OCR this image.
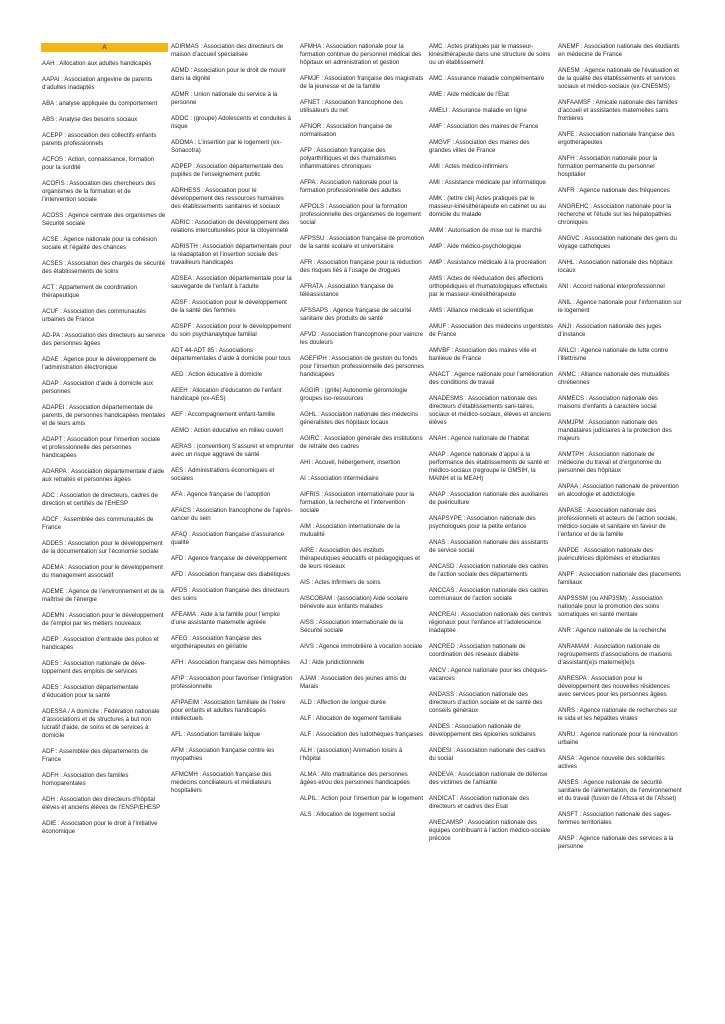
A
AAH : Allocation aux adultes handicapés
AAPAI : Association angevine de parents d’adultes inadaptés
ABA : analyse appliquée du comportement
ABS : Analyse des besoins sociaux
ACEPP : association des collectifs enfants parents professionnels
ACFOS : Action, connaissance, formation pour la surdité
ACOFIS : Association des chercheurs des organismes de la formation et de l’intervention sociale
ACOSS : Agence centrale des organismes de Sécurité sociale
ACSE : Agence nationale pour la cohésion sociale et l’égalité des chances
ACSES : Association des chargés de sécurité des établissements de soins
ACT : Appartement de coordination thérapeutique
ACUF : Association des communautés urbaines de France
AD-PA : Association des directeurs au service des personnes âgées
ADAE : Agence pour le développement de l’administration électronique
ADAP : Association d’aide à domicile aux personnes
ADAPEI : Association départementale de parents, de personnes handicapées mentales et de leurs amis
ADAPT : Association pour l’insertion sociale et professionnelle des personnes handicapées
ADARPA : Association départementale d’aide aux retraités et personnes âgées
ADC : Association de directeurs, cadres de direction et certifiés de l’EHESP
ADCF : Assemblée des communautés de France
ADDES : Association pour le développement de la documentation sur l’économie sociale
ADEMA : Association pour le développement du management associatif
ADEME : Agence de l’environnement et de la maîtrise de l’énergie
ADEMN : Association pour le développement de l’emploi par les métiers nouveaux
ADEP : Association d’entraide des polios et handicapés
ADES : Association nationale de déve-loppement des emplois de services
ADES : Association départementale d’éducation pour la santé
ADESSA / A domicile : Fédération nationale d’associations et de structures à but non lucratif d’aide, de soins et de services à domicile
ADF : Assemblée des départements de France
ADFH : Association des familles homoparentales
ADH : Association des directeurs d’hôpital élèves et anciens élèves de l’ENSP/EHESP
ADIE : Association pour le droit à l’initiative économique
ADIRMAS : Association des directeurs de maison d’accueil spécialisée
ADMD : Association pour le droit de mourir dans la dignité
ADMR : Union nationale du service à la personne
ADOC : (groupe) Adolescents et conduites à risque
ADOMA : L’insertion par le logement (ex-Sonacotra)
ADPEP : Association départementale des pupilles de l’enseignement public
ADRHESS : Association pour le développement des ressources humaines des établissements sanitaires et sociaux
ADRIC : Association de développement des relations interculturelles pour la citoyenneté
ADRISTH : Association départementale pour la réadaptation et l’insertion sociale des travailleurs handicapés
ADSEA : Association départementale pour la sauvegarde de l’enfant à l’adulte
ADSF : Association pour le développement de la santé des femmes
ADSPF : Association pour le développement du soin psychanalytique familial
ADT 44-ADT 85 : Associations départementales d’aide à domicile pour tous
AED : Action éducative à domicile
AEEH : Allocation d’éducation de l’enfant handicapé (ex-AES)
AEF : Accompagnement enfant-famille
AEMO : Action éducative en milieu ouvert
AERAS : (convention) S’assurer et emprunter avec un risque aggravé de santé
AES : Administrations économiques et sociales
AFA : Agence française de l’adoption
AFACS : Association francophone de l’après-cancer du sein
AFAQ : Association française d’assurance qualité
AFD : Agence française de développement
AFD : Association française des diabétiques
AFDS : Association française des directeurs des soins
AFEAMA : Aide à la famille pour l’emploi d’une assistante maternelle agréée
AFEG : Association française des ergothérapeutes en gériatrie
AFH : Association française des hémophiles
AFIP : Association pour favoriser l’intégration professionnelle
AFIPAEIM : Association familiale de l’Isère pour enfants et adultes handicapés intellectuels
AFL : Association familiale laïque
AFM : Association française contre les myopathies
AFMCMH : Association française des médecins conciliateurs et médiateurs hospitaliers
AFMHA : Association nationale pour la formation continue du personnel médical des hôpitaux en administration et gestion
AFMJF : Association française des magistrats de la jeunesse et de la famille
AFNET : Association francophone des utilisateurs du net
AFNOR : Association française de normalisation
AFP : Association française des polyarthritiques et des rhumatismes inflammatoires chroniques
AFPA : Association nationale pour la formation professionnelle des adultes
AFPOLS : Association pour la formation professionnelle des organismes de logement social
AFPSSU : Association française de promotion de la santé scolaire et universitaire
AFR : Association française pour la réduction des risques liés à l’usage de drogues
AFRATA : Association française de téléassistance
AFSSAPS : Agence française de sécurité sanitaire des produits de santé
AFVD : Association francophone pour vaincre les douleurs
AGEFIPH : Association de gestion du fonds pour l’insertion professionnelle des personnes handicapées
AGGIR : (grille) Autonomie gérontologie groupes iso-ressources
AGHL : Association nationale des médecins généralistes des hôpitaux locaux
AGIRC : Association générale des institutions de retraite des cadres
AHI : Accueil, hébergement, insertion
AI : Association intermédiaire
AIFRIS : Association internationale pour la formation, la recherche et l’intervention sociale
AIM : Association internationale de la mutualité
AIRE : Association des instituts thérapeutiques éducatifs et pédagogiques et de leurs réseaux
AIS : Actes infirmiers de soins
AISCOBAM : (association) Aide scolaire bénévole aux enfants malades
AISS : Association internationale de la Sécurité sociale
AIVS : Agence immobilière à vocation sociale
AJ : Aide juridictionnelle
AJAM : Association des jeunes amis du Marais
ALD : Affection de longue durée
ALF : Allocation de logement familiale
ALF : Association des ludothèques françaises
ALH : (association) Animation loisirs à l’hôpital
ALMA : Allo maltraitance des personnes âgées et/ou des personnes handicapées
ALPIL : Action pour l’insertion par le logement
ALS : Allocation de logement social
AMC : Actes pratiqués par le masseur-kinésithérapeute dans une structure de soins ou un établissement
AMC : Assurance maladie complémentaire
AME : Aide médicale de l’Etat
AMELI : Assurance maladie en ligne
AMF : Association des maires de France
AMGVF : Association des maires des grandes villes de France
AMI : Actes médico-infirmiers
AMI : Assistance médicale par informatique
AMK : (lettre clé) Actes pratiqués par le masseur-kinésithérapeute en cabinet ou au domicile du malade
AMM : Autorisation de mise sur le marché
AMP : Aide médico-psychologique
AMP : Assistance médicale à la procréation
AMS : Actes de rééducation des affections orthopédiques et rhumatologiques effectués par le masseur-kinésithérapeute
AMS : Alliance médicale et scientifique
AMUF : Association des médecins urgentistes de France
AMVBF : Association des maires ville et banlieue de France
ANACT : Agence nationale pour l’amélioration des conditions de travail
ANADESMS : Association nationale des directeurs d’établissements sani-taires, sociaux et médico-sociaux, élèves et anciens élèves
ANAH : Agence nationale de l’habitat
ANAP : Agence nationale d’appui à la performance des établissements de santé et médico-sociaux (regroupe le GMSIH, la MAINH et la MEAH)
ANAP : Association nationale des auxiliaires de puériculture
ANAPSYPE : Association nationale des psychologues pour la petite enfance
ANAS : Association nationale des assistants de service social
ANCASD : Association nationale des cadres de l’action sociale des départements
ANCCAS : Association nationale des cadres communaux de l’action sociale
ANCREAI : Association nationale des centres régionaux pour l’enfance et l’adolescence inadaptée
ANCRED : Association nationale de coordination des réseaux diabète
ANCV : Agence nationale pour les chèques-vacances
ANDASS : Association nationale des directeurs d’action sociale et de santé des conseils généraux
ANDES : Association nationale de développement des épiceries solidaires
ANDESI : Association nationale des cadres du social
ANDEVA : Association nationale de défense des victimes de l’amiante
ANDICAT : Association nationale des directeurs et cadres des Esat
ANECAMSP : Association nationale des équipes contribuant à l’action médico-sociale précoce
ANEMF : Association nationale des étudiants en médecine de France
ANESM : Agence nationale de l’évaluation et de la qualité des établissements et services sociaux et médico-sociaux (ex-CNESMS)
ANFAAMSF : Amicale nationale des familles d’accueil et assistantes maternelles sans frontières
ANFE : Association nationale française des ergothérapeutes
ANFH : Association nationale pour la formation permanente du personnel hospitalier
ANFR : Agence nationale des fréquences
ANGREHC : Association nationale pour la recherche et l’étude sur les hépatopathies chroniques
ANGVC : Association nationale des gens du voyage catholiques
ANHL : Association nationale des hôpitaux locaux
ANI : Accord national interprofessionnel
ANIL : Agence nationale pour l’information sur le logement
ANJI : Association nationale des juges d’instance
ANLCI : Agence nationale de lutte contre l’illettrisme
ANMC : Alliance nationale des mutualités chrétiennes
ANMECS : Association nationale des maisons d’enfants à caractère social
ANMJPM : Association nationale des mandataires judiciaires à la protection des majeurs
ANMTPH : Association nationale de médecine du travail et d’ergonomie du personnel des hôpitaux
ANPAA : Association nationale de prévention en alcoologie et addictologie
ANPASE : Association nationale des professionnels et acteurs de l’action sociale, médico-sociale et sanitaire en faveur de l’enfance et de la famille
ANPDE : Association nationale des puéricultrices diplômées et étudiantes
ANPF : Association nationale des placements familiaux
ANPSSSM (ou ANP3SM) : Association nationale pour la promotion des soins somatiques en santé mentale
ANR : Agence nationale de la recherche
ANRAMAM : Association nationale de regroupements d’associations de maisons d’assistant(e)s maternel(le)s
ANRESPA : Association pour le développement des nouvelles résidences avec services pour les personnes âgées
ANRS : Agence nationale de recherches sur le sida et les hépatites virales
ANRU : Agence nationale pour la rénovation urbaine
ANSA : Agence nouvelle des solidarités actives
ANSES : Agence nationale de sécurité sanitaire de l’alimentation, de l’environnement et du travail (fusion de l’Afssa et de l’Afsset)
ANSFT : Association nationale des sages-femmes territoriales
ANSP : Agence nationale des services à la personne
